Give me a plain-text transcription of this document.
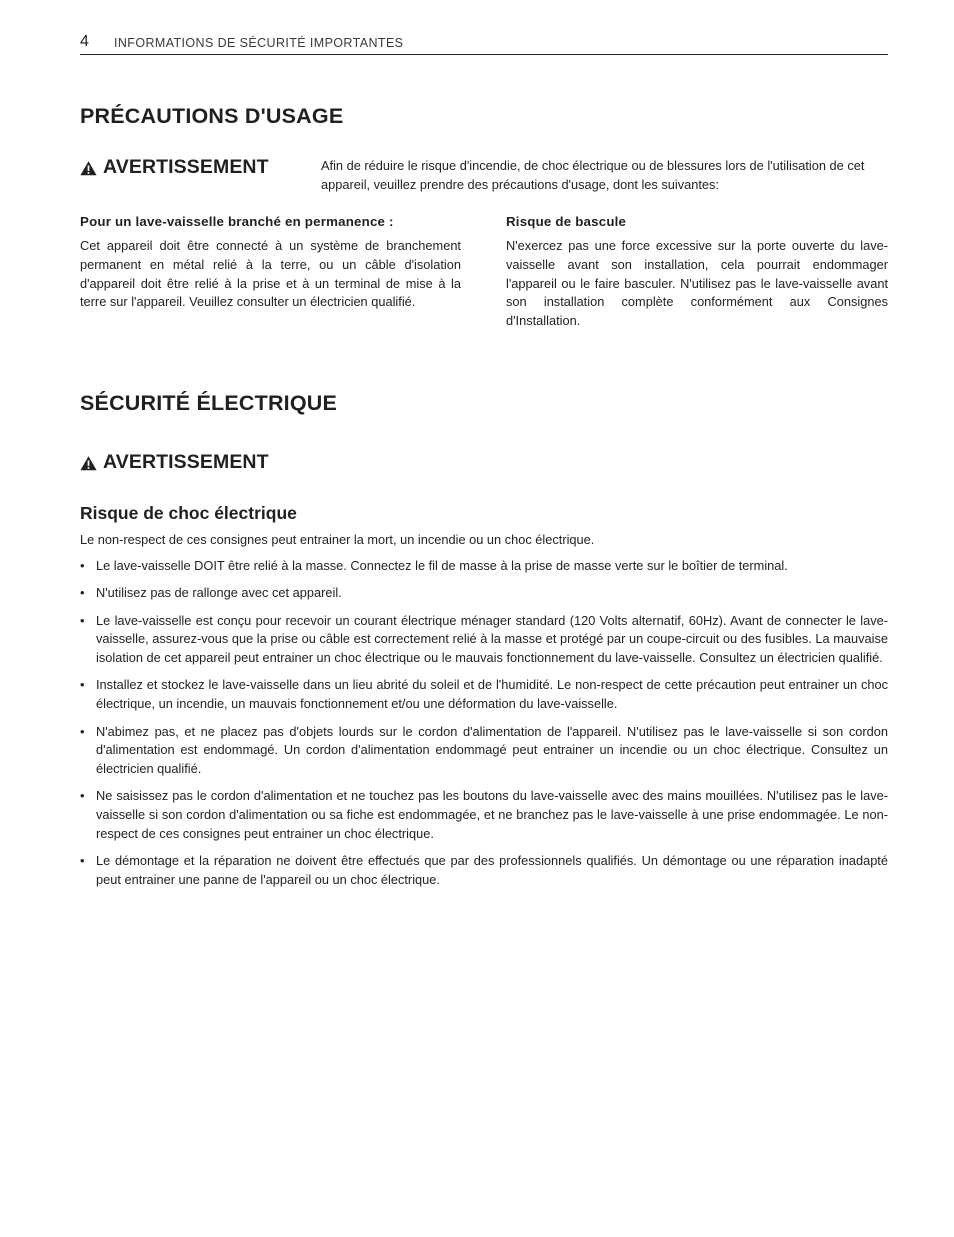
4 INFORMATIONS DE SÉCURITÉ IMPORTANTES
PRÉCAUTIONS D'USAGE
AVERTISSEMENT	Afin de réduire le risque d'incendie, de choc électrique ou de blessures lors de l'utilisation de cet appareil, veuillez prendre des précautions d'usage, dont les suivantes:
Pour un lave-vaisselle branché en permanence :
Cet appareil doit être connecté à un système de branchement permanent en métal relié à la terre, ou un câble d'isolation d'appareil doit être relié à la prise et à un terminal de mise à la terre sur l'appareil. Veuillez consulter un électricien qualifié.
Risque de bascule
N'exercez pas une force excessive sur la porte ouverte du lave-vaisselle avant son installation, cela pourrait endommager l'appareil ou le faire basculer. N'utilisez pas le lave-vaisselle avant son installation complète conformément aux Consignes d'Installation.
SÉCURITÉ ÉLECTRIQUE
AVERTISSEMENT
Risque de choc électrique
Le non-respect de ces consignes peut entrainer la mort, un incendie ou un choc électrique.
• Le lave-vaisselle DOIT être relié à la masse. Connectez le fil de masse à la prise de masse verte sur le boîtier de terminal.
• N'utilisez pas de rallonge avec cet appareil.
• Le lave-vaisselle est conçu pour recevoir un courant électrique ménager standard (120 Volts alternatif, 60Hz). Avant de connecter le lave-vaisselle, assurez-vous que la prise ou câble est correctement relié à la masse et protégé par un coupe-circuit ou des fusibles. La mauvaise isolation de cet appareil peut entrainer un choc électrique ou le mauvais fonctionnement du lave-vaisselle. Consultez un électricien qualifié.
• Installez et stockez le lave-vaisselle dans un lieu abrité du soleil et de l'humidité. Le non-respect de cette précaution peut entrainer un choc électrique, un incendie, un mauvais fonctionnement et/ou une déformation du lave-vaisselle.
• N'abimez pas, et ne placez pas d'objets lourds sur le cordon d'alimentation de l'appareil. N'utilisez pas le lave-vaisselle si son cordon d'alimentation est endommagé. Un cordon d'alimentation endommagé peut entrainer un incendie ou un choc électrique. Consultez un électricien qualifié.
• Ne saisissez pas le cordon d'alimentation et ne touchez pas les boutons du lave-vaisselle avec des mains mouillées. N'utilisez pas le lave-vaisselle si son cordon d'alimentation ou sa fiche est endommagée, et ne branchez pas le lave-vaisselle à une prise endommagée. Le non-respect de ces consignes peut entrainer un choc électrique.
• Le démontage et la réparation ne doivent être effectués que par des professionnels qualifiés. Un démontage ou une réparation inadapté peut entrainer une panne de l'appareil ou un choc électrique.
